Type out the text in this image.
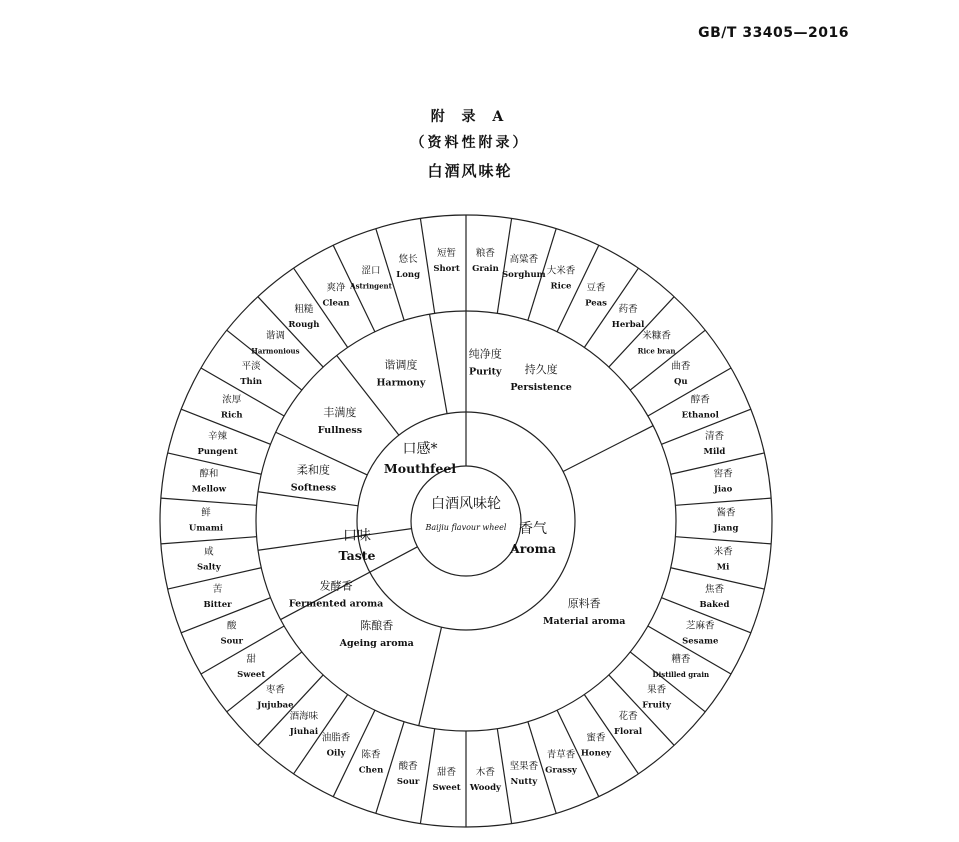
GB/T 33405—2016
附 录 A
（资料性附录）
白酒风味轮
粮香
Grain
高粱香
Sorghum 大米香
Rice 豆香
Peas
药香
Herbal
米糠香
Rice bran
曲香
Qu
醇香
Ethanol
清香
Mild
窖香
Jiao
酱香
Jiang
米香
Mi
焦香
Baked
芝麻香
Sesame
糟香
Distilled grain
果香
Fruity
花香
Floral
蜜香
Honey
青草香
Grassy
坚果香
Nutty
木香
Woody
甜香
Sweet
酸香
Sour
陈香
Chen
油脂香
Oily
酒海味
Jiuhai
枣香
Jujubae
甜
Sweet
酸
Sour
苦
Bitter
咸
Salty
鲜
Umami
醇和
Mellow
辛辣
Pungent
浓厚
Rich
平淡
Thin
谐调
Harmonious
粗糙
Rough
爽净
Clean
涩口
Astringent
悠长
Long
短暂
Short
原料香
Material aroma
发酵香
Fermented aroma
陈酿香
Ageing aroma
柔和度
Softness
丰满度
Fullness
谐调度
Harmony
纯净度
Purity 持久度
Persistence
香气
Aroma
口味
Taste
口感*
Mouthfeel
白酒风味轮
Baijiu flavour wheel
